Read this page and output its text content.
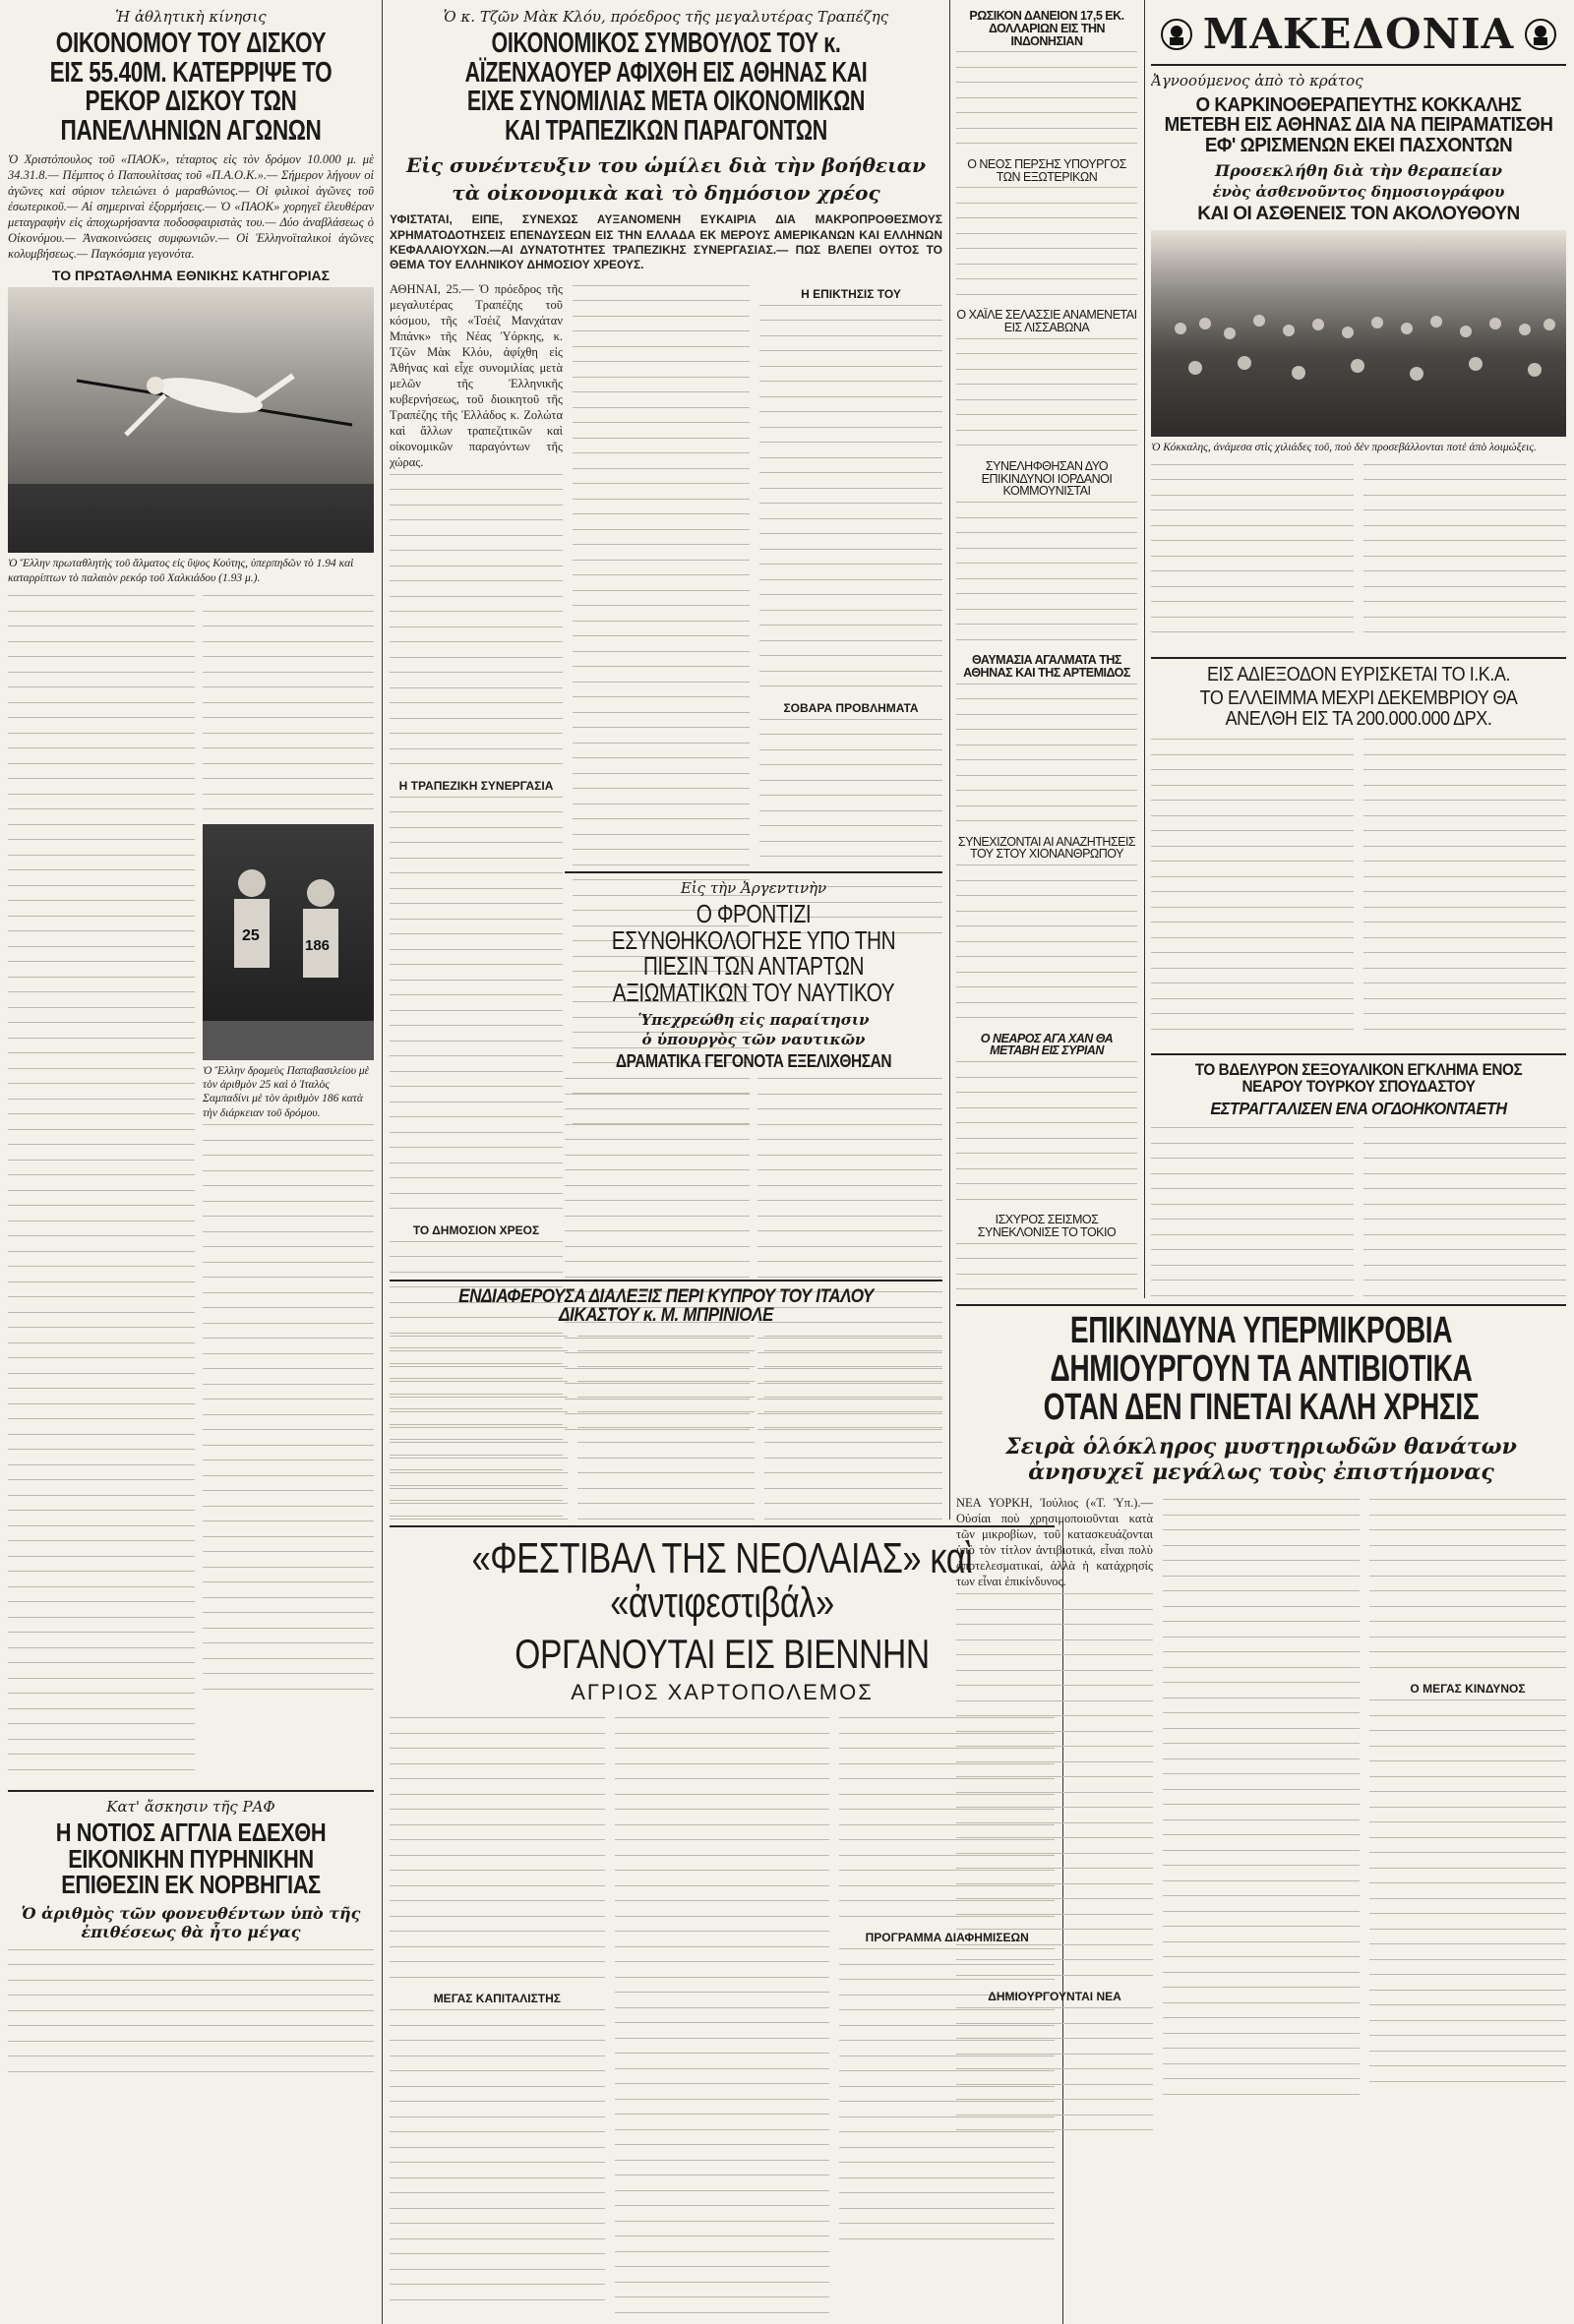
Ἡ ἀθλητικὴ κίνησις
ΟΙΚΟΝΟΜΟΥ ΤΟΥ ΔΙΣΚΟΥ ΕΙΣ 55.40Μ. ΚΑΤΕΡΡΙΨΕ ΤΟ ΡΕΚΟΡ ΔΙΣΚΟΥ ΤΩΝ ΠΑΝΕΛΛΗΝΙΩΝ ΑΓΩΝΩΝ
Ὁ Χριστόπουλος τοῦ «ΠΑΟΚ», τέταρτος εἰς τὸν δρόμον 10.000 μ. μὲ 34.31.8.— Πέμπτος ὁ Παπουλίτσας τοῦ «Π.Α.Ο.Κ.».— Σήμερον λήγουν οἱ ἀγῶνες καὶ σύριον τελειώνει ὁ μαραθώνιος.— Οἱ φιλικοὶ ἀγῶνες τοῦ ἐσωτερικοῦ.— Αἱ σημεριναὶ ἐξορμήσεις.— Ὁ «ΠΑΟΚ» χορηγεῖ ἐλευθέραν μεταγραφὴν εἰς ἀποχωρήσαντα ποδοσφαιριστὰς του.— Δύο ἀναβλάσεως ὁ Οἰκονόμου.— Ἀνακοινώσεις συμφωνιῶν.— Οἱ Ἑλληνοϊταλικοὶ ἀγῶνες κολυμβήσεως.— Παγκόσμια γεγονότα.
ΤΟ ΠΡΩΤΑΘΛΗΜΑ ΕΘΝΙΚΗΣ ΚΑΤΗΓΟΡΙΑΣ
Ὁ Ἕλλην πρωταθλητὴς τοῦ ἅλματος εἰς ὕψος Κούτης, ὑπερπηδῶν τὸ 1.94 καὶ καταρρίπτων τὸ παλαιὸν ρεκόρ τοῦ Χαλκιάδου (1.93 μ.).
25
186
Ὁ Ἕλλην δρομεὺς Παπαβασιλείου μὲ τὸν ἀριθμὸν 25 καὶ ὁ Ἰταλὸς Σαμπαδίνι μὲ τὸν ἀριθμὸν 186 κατὰ τὴν διάρκειαν τοῦ δρόμου.
Κατ' ἄσκησιν τῆς ΡΑΦ
Η ΝΟΤΙΟΣ ΑΓΓΛΙΑ ΕΔΕΧΘΗ ΕΙΚΟΝΙΚΗΝ ΠΥΡΗΝΙΚΗΝ ΕΠΙΘΕΣΙΝ ΕΚ ΝΟΡΒΗΓΙΑΣ
Ὁ ἀριθμὸς τῶν φονευθέντων ὑπὸ τῆς ἐπιθέσεως θὰ ἦτο μέγας
Ὁ κ. Τζῶν Μὰκ Κλόυ, πρόεδρος τῆς μεγαλυτέρας Τραπέζης
ΟΙΚΟΝΟΜΙΚΟΣ ΣΥΜΒΟΥΛΟΣ ΤΟΥ κ. ΑΪΖΕΝΧΑΟΥΕΡ ΑΦΙΧΘΗ ΕΙΣ ΑΘΗΝΑΣ ΚΑΙ ΕΙΧΕ ΣΥΝΟΜΙΛΙΑΣ ΜΕΤΑ ΟΙΚΟΝΟΜΙΚΩΝ ΚΑΙ ΤΡΑΠΕΖΙΚΩΝ ΠΑΡΑΓΟΝΤΩΝ
Εἰς συνέντευξιν του ὡμίλει διὰ τὴν βοήθειαν
τὰ οἰκονομικὰ καὶ τὸ δημόσιον χρέος
ΥΦΙΣΤΑΤΑΙ, ΕΙΠΕ, ΣΥΝΕΧΩΣ ΑΥΞΑΝΟΜΕΝΗ ΕΥΚΑΙΡΙΑ ΔΙΑ ΜΑΚΡΟΠΡΟΘΕΣΜΟΥΣ ΧΡΗΜΑΤΟΔΟΤΗΣΕΙΣ ΕΠΕΝΔΥΣΕΩΝ ΕΙΣ ΤΗΝ ΕΛΛΑΔΑ ΕΚ ΜΕΡΟΥΣ ΑΜΕΡΙΚΑΝΩΝ ΚΑΙ ΕΛΛΗΝΩΝ ΚΕΦΑΛΑΙΟΥΧΩΝ.—ΑΙ ΔΥΝΑΤΟΤΗΤΕΣ ΤΡΑΠΕΖΙΚΗΣ ΣΥΝΕΡΓΑΣΙΑΣ.— ΠΩΣ ΒΛΕΠΕΙ ΟΥΤΟΣ ΤΟ ΘΕΜΑ ΤΟΥ ΕΛΛΗΝΙΚΟΥ ΔΗΜΟΣΙΟΥ ΧΡΕΟΥΣ.
ΑΘΗΝΑΙ, 25.— Ὁ πρόεδρος τῆς μεγαλυτέρας Τραπέζης τοῦ κόσμου, τῆς «Τσέιζ Μανχάταν Μπάνκ» τῆς Νέας Ὑόρκης, κ. Τζῶν Μὰκ Κλόυ, ἀφίχθη εἰς Ἀθήνας καὶ εἶχε συνομιλίας μετὰ μελῶν τῆς Ἑλληνικῆς κυβερνήσεως, τοῦ διοικητοῦ τῆς Τραπέζης τῆς Ἑλλάδος κ. Ζολώτα καὶ ἄλλων τραπεζιτικῶν καὶ οἰκονομικῶν παραγόντων τῆς χώρας.
Η ΤΡΑΠΕΖΙΚΗ ΣΥΝΕΡΓΑΣΙΑ
ΤΟ ΔΗΜΟΣΙΟΝ ΧΡΕΟΣ
Η ΕΠΙΚΤΗΣΙΣ ΤΟΥ
ΣΟΒΑΡΑ ΠΡΟΒΛΗΜΑΤΑ
Εἰς τὴν Ἀργεντινὴν
Ο ΦΡΟΝΤΙΖΙ ΕΣΥΝΘΗΚΟΛΟΓΗΣΕ ΥΠΟ ΤΗΝ ΠΙΕΣΙΝ ΤΩΝ ΑΝΤΑΡΤΩΝ ΑΞΙΩΜΑΤΙΚΩΝ ΤΟΥ ΝΑΥΤΙΚΟΥ
Ὑπεχρεώθη εἰς παραίτησιν
ὁ ὑπουργὸς τῶν ναυτικῶν
ΔΡΑΜΑΤΙΚΑ ΓΕΓΟΝΟΤΑ ΕΞΕΛΙΧΘΗΣΑΝ
ΕΝΔΙΑΦΕΡΟΥΣΑ ΔΙΑΛΕΞΙΣ ΠΕΡΙ ΚΥΠΡΟΥ ΤΟΥ ΙΤΑΛΟΥ ΔΙΚΑΣΤΟΥ κ. Μ. ΜΠΡΙΝΙΟΛΕ
ΡΩΣΙΚΟΝ ΔΑΝΕΙΟΝ 17,5 ΕΚ. ΔΟΛΛΑΡΙΩΝ ΕΙΣ ΤΗΝ ΙΝΔΟΝΗΣΙΑΝ
Ο ΝΕΟΣ ΠΕΡΣΗΣ ΥΠΟΥΡΓΟΣ ΤΩΝ ΕΞΩΤΕΡΙΚΩΝ
Ο ΧΑΪΛΕ ΣΕΛΑΣΣΙΕ ΑΝΑΜΕΝΕΤΑΙ ΕΙΣ ΛΙΣΣΑΒΩΝΑ
ΣΥΝΕΛΗΦΘΗΣΑΝ ΔΥΟ ΕΠΙΚΙΝΔΥΝΟΙ ΙΟΡΔΑΝΟΙ ΚΟΜΜΟΥΝΙΣΤΑΙ
ΘΑΥΜΑΣΙΑ ΑΓΑΛΜΑΤΑ ΤΗΣ ΑΘΗΝΑΣ ΚΑΙ ΤΗΣ ΑΡΤΕΜΙΔΟΣ
ΣΥΝΕΧΙΖΟΝΤΑΙ ΑΙ ΑΝΑΖΗΤΗΣΕΙΣ ΤΟΥ ΣΤΟΥ ΧΙΟΝΑΝΘΡΩΠΟΥ
Ο ΝΕΑΡΟΣ ΑΓΑ ΧΑΝ ΘΑ ΜΕΤΑΒΗ ΕΙΣ ΣΥΡΙΑΝ
ΙΣΧΥΡΟΣ ΣΕΙΣΜΟΣ ΣΥΝΕΚΛΟΝΙΣΕ ΤΟ ΤΟΚΙΟ
ΜΑΚΕΔΟΝΙΑ
Ἀγνοούμενος ἀπὸ τὸ κράτος
Ο ΚΑΡΚΙΝΟΘΕΡΑΠΕΥΤΗΣ ΚΟΚΚΑΛΗΣ ΜΕΤΕΒΗ ΕΙΣ ΑΘΗΝΑΣ ΔΙΑ ΝΑ ΠΕΙΡΑΜΑΤΙΣΘΗ ΕΦ' ΩΡΙΣΜΕΝΩΝ ΕΚΕΙ ΠΑΣΧΟΝΤΩΝ
Προσεκλήθη διὰ τὴν θεραπείαν
ἑνὸς ἀσθενοῦντος δημοσιογράφου
ΚΑΙ ΟΙ ΑΣΘΕΝΕΙΣ ΤΟΝ ΑΚΟΛΟΥΘΟΥΝ
Ὁ Κόκκαλης, ἀνάμεσα στὶς χιλιάδες τοῦ, ποὺ δὲν προσεβάλλονται ποτὲ ἀπὸ λοιμώξεις.
ΕΙΣ ΑΔΙΕΞΟΔΟΝ ΕΥΡΙΣΚΕΤΑΙ ΤΟ Ι.Κ.Α.
ΤΟ ΕΛΛΕΙΜΜΑ ΜΕΧΡΙ ΔΕΚΕΜΒΡΙΟΥ ΘΑ ΑΝΕΛΘΗ ΕΙΣ ΤΑ 200.000.000 ΔΡΧ.
ΤΟ ΒΔΕΛΥΡΟΝ ΣΕΞΟΥΑΛΙΚΟΝ ΕΓΚΛΗΜΑ ΕΝΟΣ ΝΕΑΡΟΥ ΤΟΥΡΚΟΥ ΣΠΟΥΔΑΣΤΟΥ
ΕΣΤΡΑΓΓΑΛΙΣΕΝ ΕΝΑ ΟΓΔΟΗΚΟΝΤΑΕΤΗ
«ΦΕΣΤΙΒΑΛ ΤΗΣ ΝΕΟΛΑΙΑΣ» καὶ «ἀντιφεστιβάλ»
ΟΡΓΑΝΟΥΤΑΙ ΕΙΣ ΒΙΕΝΝΗΝ
ΑΓΡΙΟΣ ΧΑΡΤΟΠΟΛΕΜΟΣ
ΜΕΓΑΣ ΚΑΠΙΤΑΛΙΣΤΗΣ
ΠΡΟΓΡΑΜΜΑ ΔΙΑΦΗΜΙΣΕΩΝ
ΕΠΙΚΙΝΔΥΝΑ ΥΠΕΡΜΙΚΡΟΒΙΑ ΔΗΜΙΟΥΡΓΟΥΝ ΤΑ ΑΝΤΙΒΙΟΤΙΚΑ ΟΤΑΝ ΔΕΝ ΓΙΝΕΤΑΙ ΚΑΛΗ ΧΡΗΣΙΣ
Σειρὰ ὁλόκληρος μυστηριωδῶν θανάτων ἀνησυχεῖ μεγάλως τοὺς ἐπιστήμονας
ΝΕΑ ΥΟΡΚΗ, Ἰούλιος («Τ. Ὑπ.).— Οὐσίαι ποὺ χρησιμοποιοῦνται κατὰ τῶν μικροβίων, τοῦ κατασκευάζονται ὑπὸ τὸν τίτλον ἀντιβιοτικά, εἶναι πολὺ ἀποτελεσματικαί, ἀλλὰ ἡ κατάχρησίς των εἶναι ἐπικίνδυνος.
ΔΗΜΙΟΥΡΓΟΥΝΤΑΙ ΝΕΑ
Ο ΜΕΓΑΣ ΚΙΝΔΥΝΟΣ
